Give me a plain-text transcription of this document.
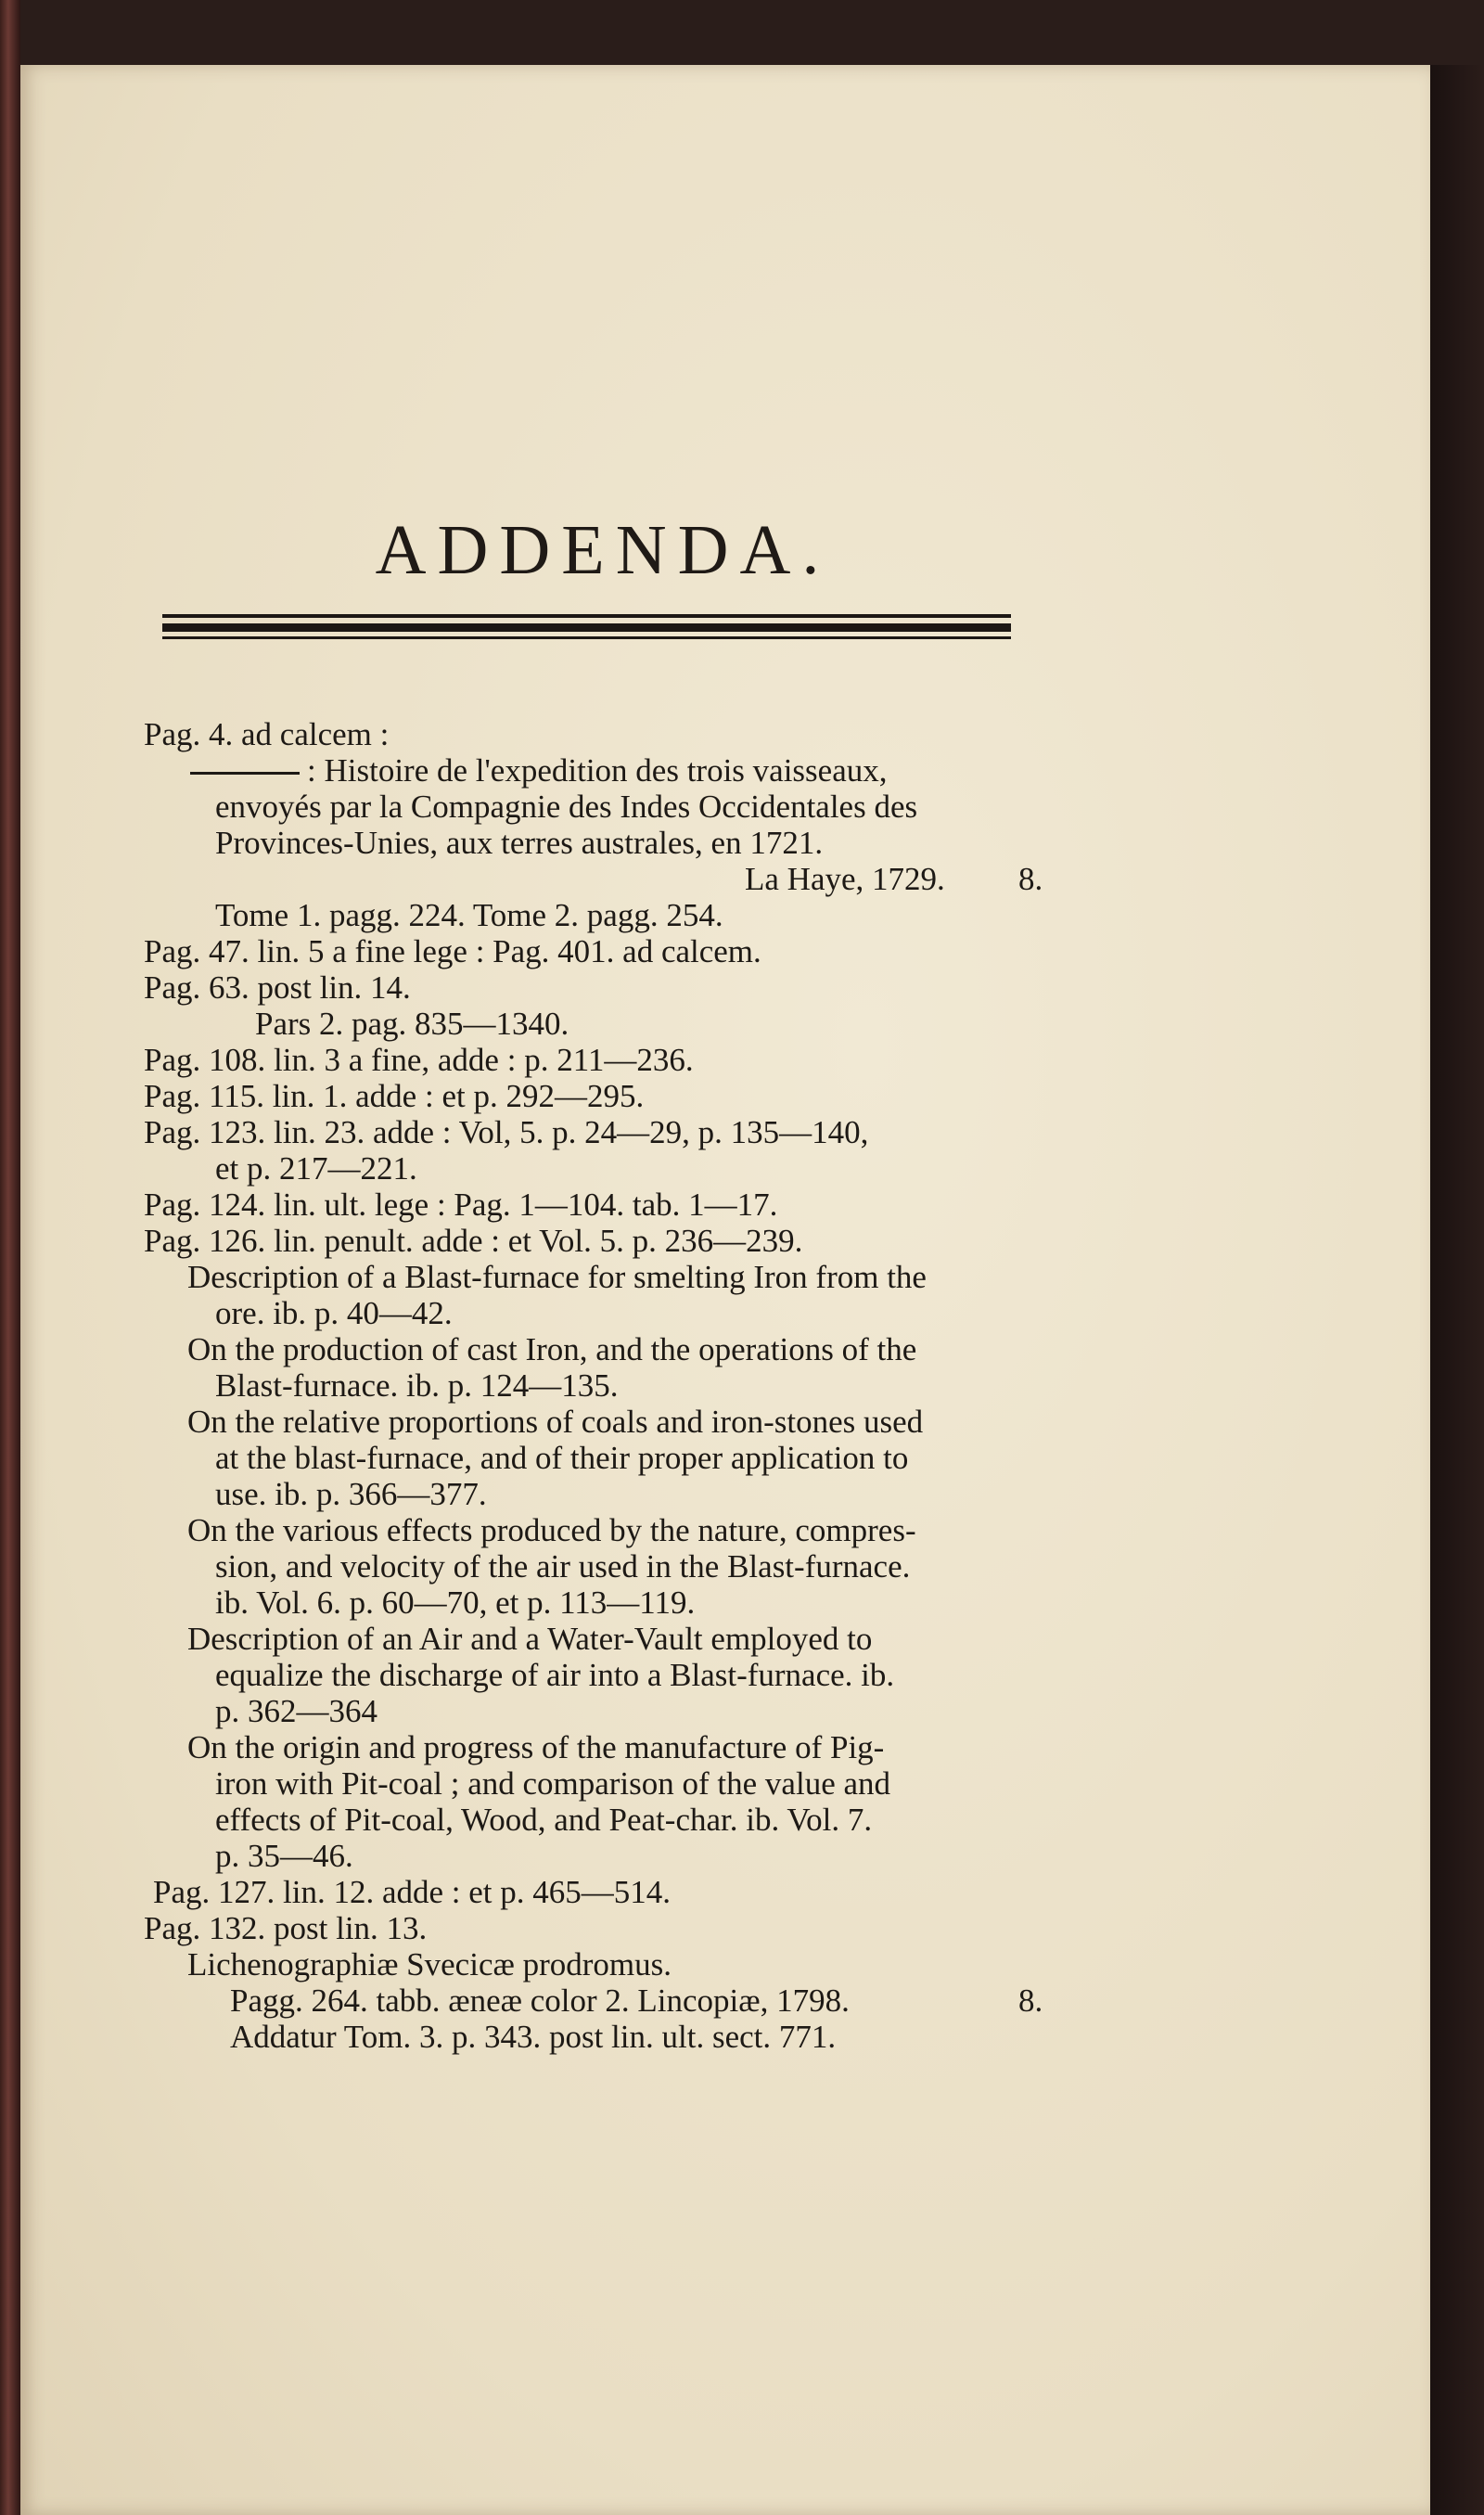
ADDENDA.
Pag. 4. ad calcem :
: Histoire de l'expedition des trois vaisseaux,
envoyés par la Compagnie des Indes Occidentales des
Provinces-Unies, aux terres australes, en 1721.
La Haye, 1729. 8.
Tome 1. pagg. 224. Tome 2. pagg. 254.
Pag. 47. lin. 5 a fine lege : Pag. 401. ad calcem.
Pag. 63. post lin. 14.
Pars 2. pag. 835—1340.
Pag. 108. lin. 3 a fine, adde : p. 211—236.
Pag. 115. lin. 1. adde : et p. 292—295.
Pag. 123. lin. 23. adde : Vol, 5. p. 24—29, p. 135—140,
et p. 217—221.
Pag. 124. lin. ult. lege : Pag. 1—104. tab. 1—17.
Pag. 126. lin. penult. adde : et Vol. 5. p. 236—239.
Description of a Blast-furnace for smelting Iron from the
ore. ib. p. 40—42.
On the production of cast Iron, and the operations of the
Blast-furnace. ib. p. 124—135.
On the relative proportions of coals and iron-stones used
at the blast-furnace, and of their proper application to
use. ib. p. 366—377.
On the various effects produced by the nature, compres-
sion, and velocity of the air used in the Blast-furnace.
ib. Vol. 6. p. 60—70, et p. 113—119.
Description of an Air and a Water-Vault employed to
equalize the discharge of air into a Blast-furnace. ib.
p. 362—364
On the origin and progress of the manufacture of Pig-
iron with Pit-coal ; and comparison of the value and
effects of Pit-coal, Wood, and Peat-char. ib. Vol. 7.
p. 35—46.
Pag. 127. lin. 12. adde : et p. 465—514.
Pag. 132. post lin. 13.
Lichenographiæ Svecicæ prodromus.
Pagg. 264. tabb. æneæ color 2. Lincopiæ, 1798.	8.
Addatur Tom. 3. p. 343. post lin. ult. sect. 771.
